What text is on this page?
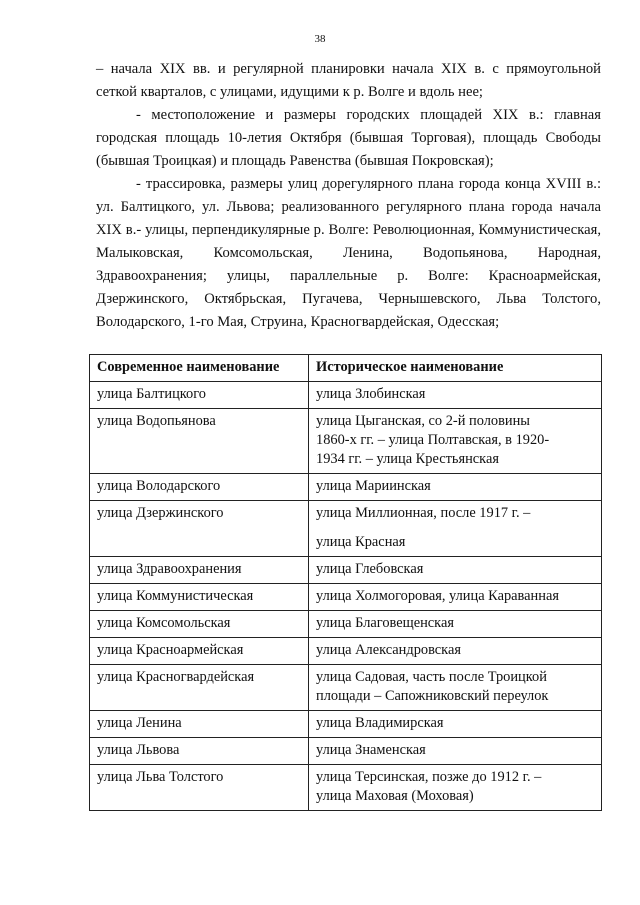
38

– начала XIX вв. и регулярной планировки начала XIX в. с прямоугольной сеткой кварталов, с улицами, идущими к р. Волге и вдоль нее;

- местоположение и размеры городских площадей XIX в.: главная городская площадь 10-летия Октября (бывшая Торговая), площадь Свободы (бывшая Троицкая) и площадь Равенства (бывшая Покровская);

- трассировка, размеры улиц дорегулярного плана города конца XVIII в.: ул. Балтицкого, ул. Львова; реализованного регулярного плана города начала XIX в.- улицы, перпендикулярные р. Волге: Революционная, Коммунистическая, Малыковская, Комсомольская, Ленина, Водопьянова, Народная, Здравоохранения; улицы, параллельные р. Волге: Красноармейская, Дзержинского, Октябрьская, Пугачева, Чернышевского, Льва Толстого, Володарского, 1-го Мая, Струина, Красногвардейская, Одесская;

Современное наименование	Историческое наименование
улица Балтицкого	улица Злобинская

улица Водопьянова	улица Цыганская, со 2-й половины
1860-х гг. – улица Полтавская, в 1920-
1934 гг. – улица Крестьянская

улица Володарского	улица Мариинская

улица Дзержинского	улица Миллионная, после 1917 г. –
улица Красная

улица Здравоохранения	улица Глебовская

улица Коммунистическая	улица Холмогоровая, улица Караванная

улица Комсомольская	улица Благовещенская

улица Красноармейская	улица Александровская

улица Красногвардейская	улица Садовая, часть после Троицкой
площади – Сапожниковский переулок

улица Ленина	улица Владимирская

улица Львова	улица Знаменская

улица Льва Толстого	улица Терсинская, позже до 1912 г. –
улица Маховая (Моховая)
